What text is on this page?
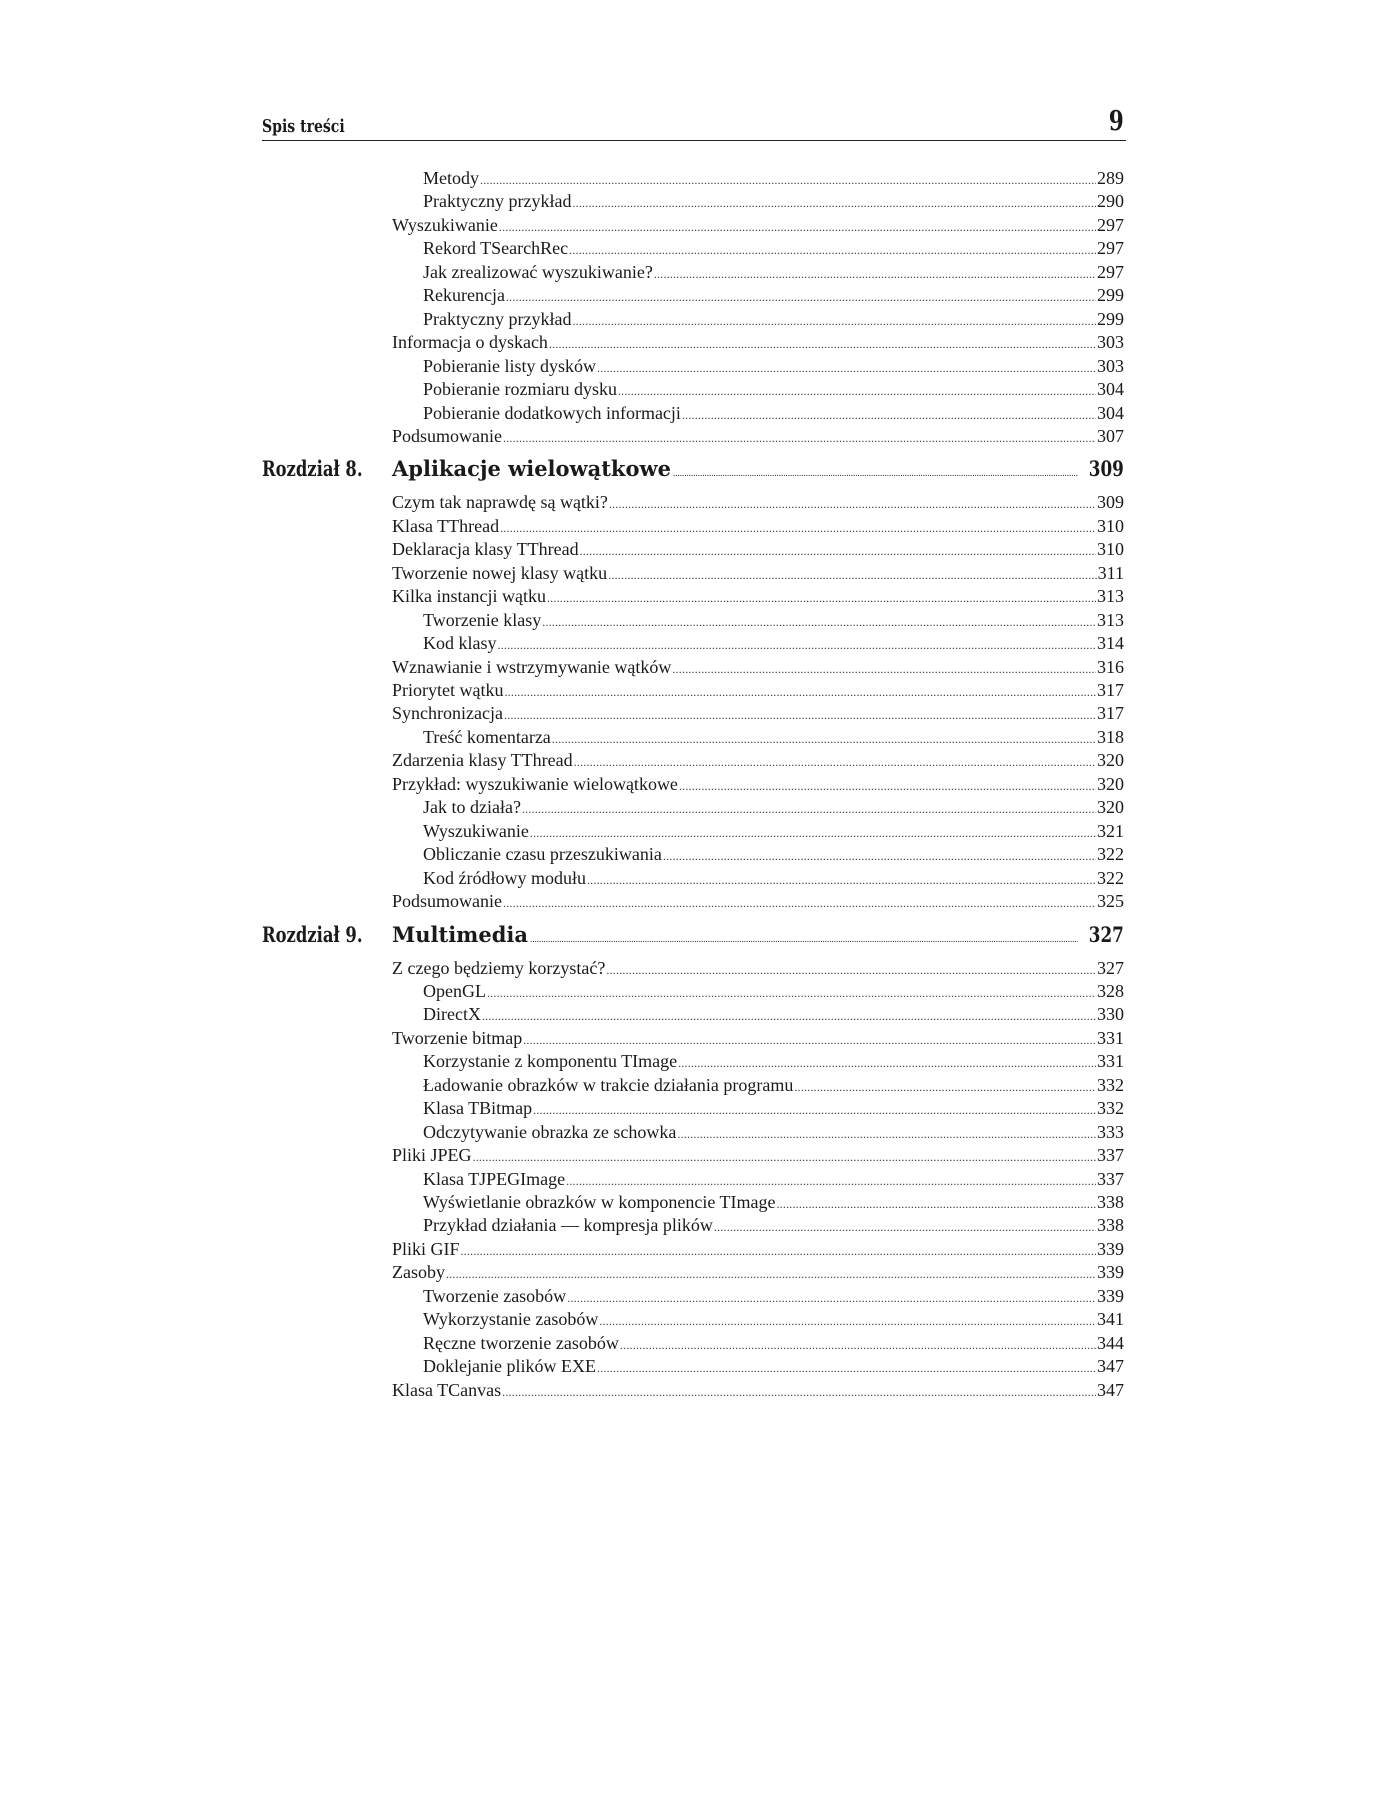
Spis treści	9
Metody . . .	289
Praktyczny przykład . . .	290
Wyszukiwanie . . .	297
Rekord TSearchRec . . .	297
Jak zrealizować wyszukiwanie? . . .	297
Rekurencja . . .	299
Praktyczny przykład . . .	299
Informacja o dyskach . . .	303
Pobieranie listy dysków . . .	303
Pobieranie rozmiaru dysku . . .	304
Pobieranie dodatkowych informacji . . .	304
Podsumowanie . . .	307
Rozdział 8. Aplikacje wielowątkowe .....	309
Czym tak naprawdę są wątki? . . .	309
Klasa TThread . . .	310
Deklaracja klasy TThread . . .	310
Tworzenie nowej klasy wątku . . .	311
Kilka instancji wątku . . .	313
Tworzenie klasy . . .	313
Kod klasy . . .	314
Wznawianie i wstrzymywanie wątków . . .	316
Priorytet wątku . . .	317
Synchronizacja . . .	317
Treść komentarza . . .	318
Zdarzenia klasy TThread . . .	320
Przykład: wyszukiwanie wielowątkowe . . .	320
Jak to działa? . . .	320
Wyszukiwanie . . .	321
Obliczanie czasu przeszukiwania . . .	322
Kod źródłowy modułu . . .	322
Podsumowanie . . .	325
Rozdział 9. Multimedia .....	327
Z czego będziemy korzystać? . . .	327
OpenGL . . .	328
DirectX . . .	330
Tworzenie bitmap . . .	331
Korzystanie z komponentu TImage . . .	331
Ładowanie obrazków w trakcie działania programu . . .	332
Klasa TBitmap . . .	332
Odczytywanie obrazka ze schowka . . .	333
Pliki JPEG . . .	337
Klasa TJPEGImage . . .	337
Wyświetlanie obrazków w komponencie TImage . . .	338
Przykład działania — kompresja plików . . .	338
Pliki GIF . . .	339
Zasoby . . .	339
Tworzenie zasobów . . .	339
Wykorzystanie zasobów . . .	341
Ręczne tworzenie zasobów . . .	344
Doklejanie plików EXE . . .	347
Klasa TCanvas . . .	347
